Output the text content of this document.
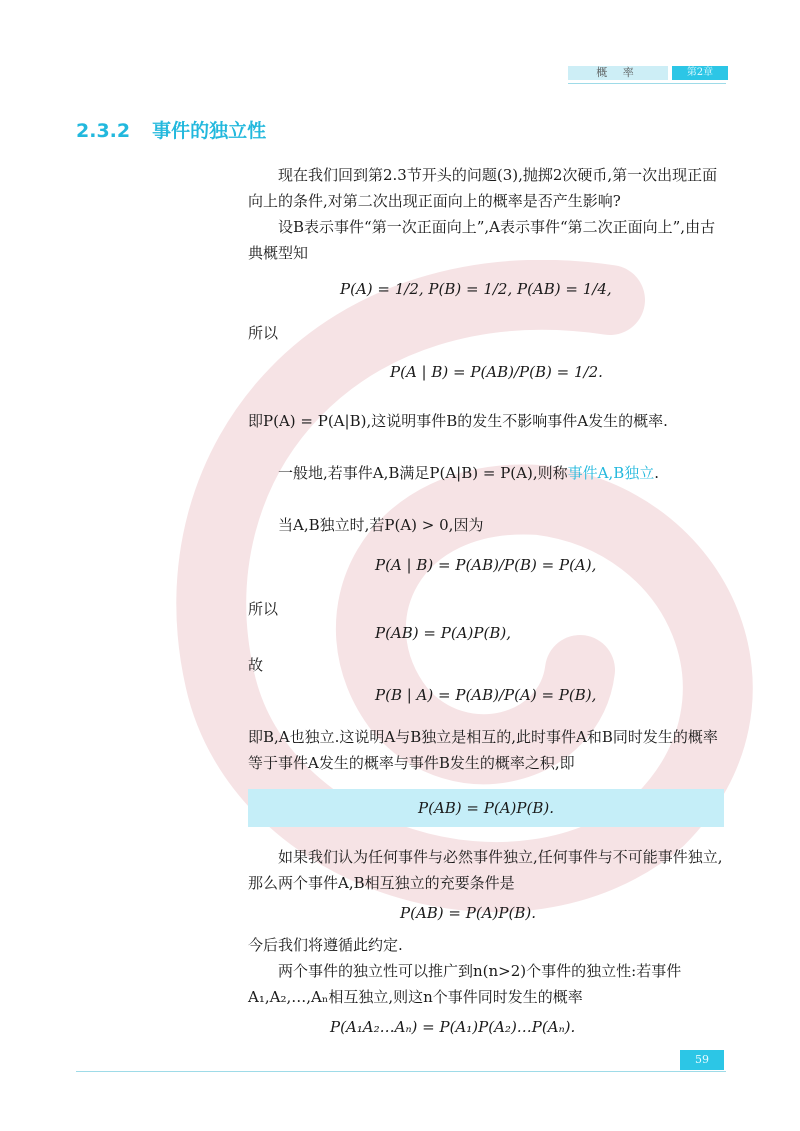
概 率	第2章
2.3.2 事件的独立性
现在我们回到第2.3节开头的问题(3),抛掷2次硬币,第一次出现正面向上的条件,对第二次出现正面向上的概率是否产生影响?
设B表示事件“第一次正面向上”,A表示事件“第二次正面向上”,由古典概型知
P(A) = 1/2, P(B) = 1/2, P(AB) = 1/4,
所以
P(A | B) = P(AB)/P(B) = 1/2.
即P(A) = P(A|B),这说明事件B的发生不影响事件A发生的概率.
一般地,若事件A,B满足P(A|B) = P(A),则称事件A,B独立.
当A,B独立时,若P(A) > 0,因为
P(A | B) = P(AB)/P(B) = P(A),
所以
P(AB) = P(A)P(B),
故
P(B | A) = P(AB)/P(A) = P(B),
即B,A也独立.这说明A与B独立是相互的,此时事件A和B同时发生的概率等于事件A发生的概率与事件B发生的概率之积,即
P(AB) = P(A)P(B).
如果我们认为任何事件与必然事件独立,任何事件与不可能事件独立,那么两个事件A,B相互独立的充要条件是
P(AB) = P(A)P(B).
今后我们将遵循此约定.
两个事件的独立性可以推广到n(n>2)个事件的独立性:若事件A₁,A₂,…,Aₙ相互独立,则这n个事件同时发生的概率
P(A₁A₂…Aₙ) = P(A₁)P(A₂)…P(Aₙ).
59
